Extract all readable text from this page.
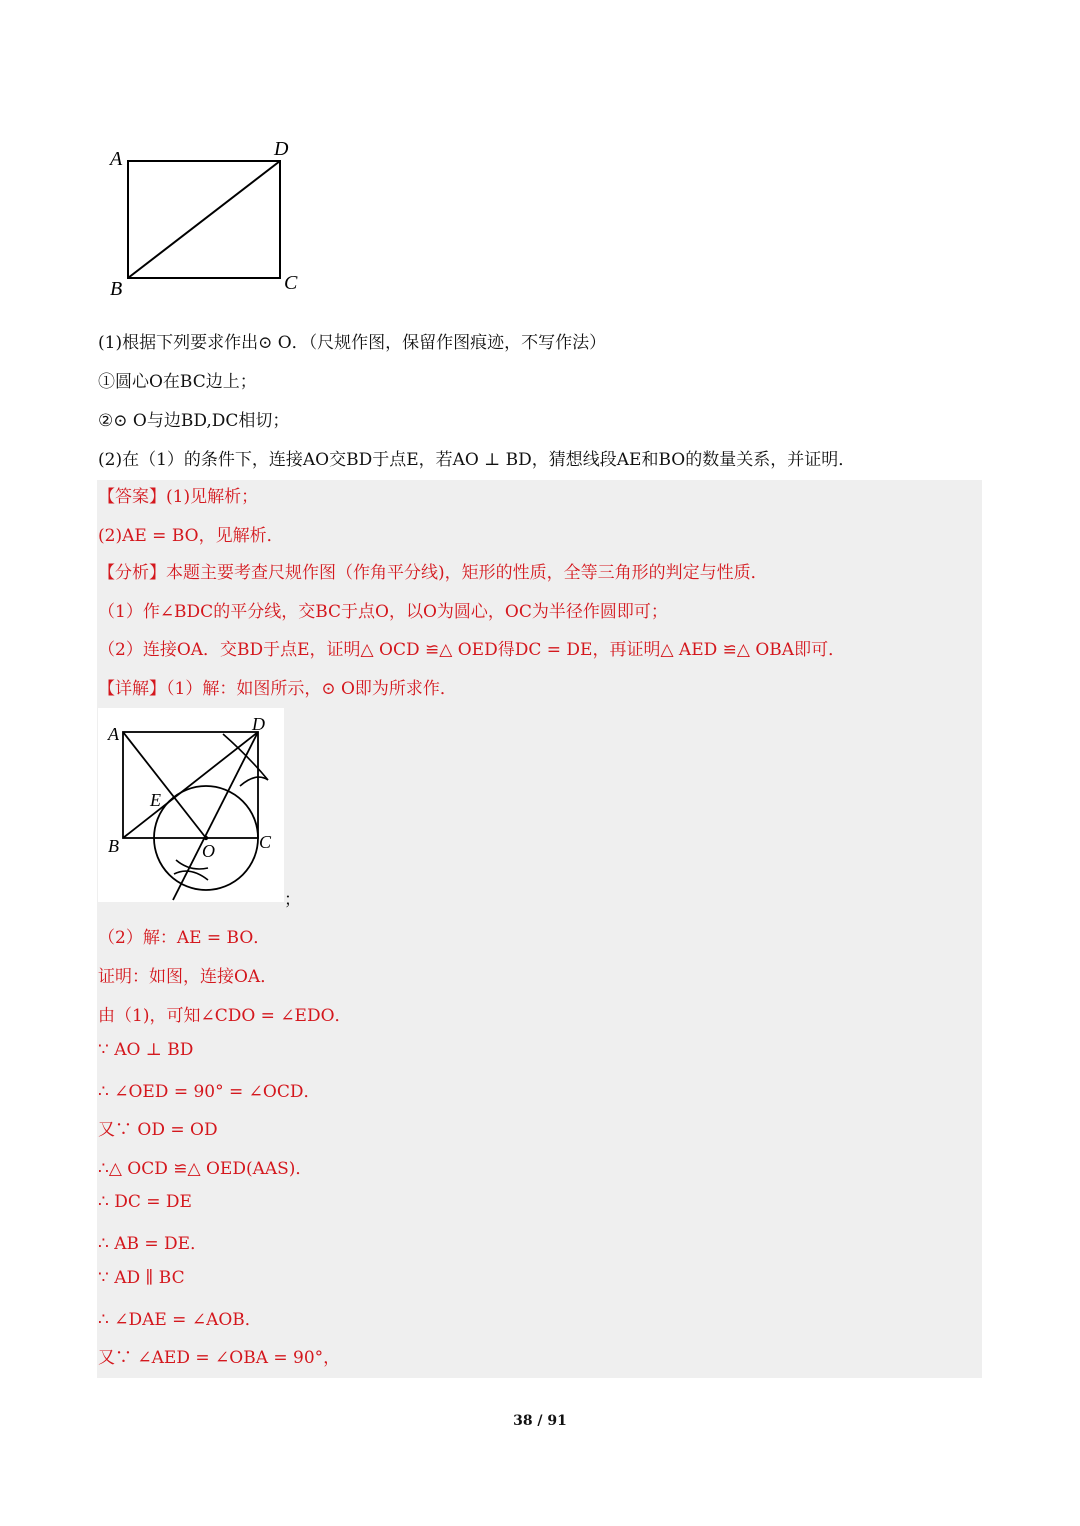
A	D
B	C
(1)根据下列要求作出⊙ O．（尺规作图，保留作图痕迹，不写作法）
①圆心O在BC边上；
②⊙ O与边BD,DC相切；
(2)在（1）的条件下，连接AO交BD于点E，若AO ⊥ BD，猜想线段AE和BO的数量关系，并证明．
【答案】(1)见解析；
(2)AE = BO，见解析．
【分析】本题主要考查尺规作图（作角平分线)，矩形的性质，全等三角形的判定与性质．
（1）作∠BDC的平分线，交BC于点O，以O为圆心，OC为半径作圆即可；
（2）连接OA．交BD于点E，证明△ OCD ≌△ OED得DC = DE，再证明△ AED ≌△ OBA即可．
【详解】（1）解：如图所示，⊙ O即为所求作．
A	D
E
B	O C
；
（2）解：AE = BO．
证明：如图，连接OA．
由（1)，可知∠CDO = ∠EDO．
∵ AO ⊥ BD
∴ ∠OED = 90° = ∠OCD．
又∵ OD = OD
∴△ OCD ≌△ OED(AAS)．
∴ DC = DE
∴ AB = DE．
∵ AD ∥ BC
∴ ∠DAE = ∠AOB．
又∵ ∠AED = ∠OBA = 90°，
38 / 91
